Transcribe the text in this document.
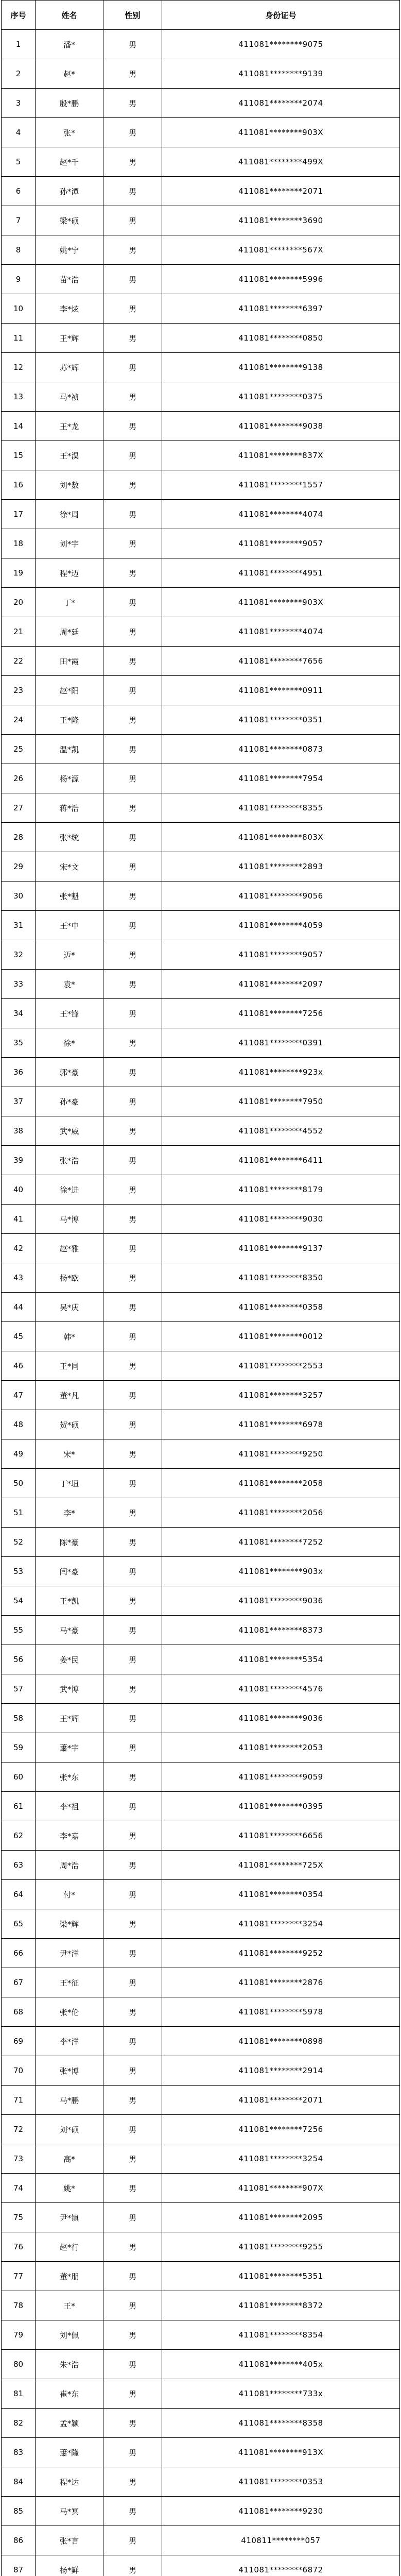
序号	姓名	性别	身份证号
1	潘*	男	411081********9075
2	赵*	男	411081********9139
3	殷*鹏	男	411081********2074
4	张*	男	411081********903X
5	赵*千	男	411081********499X
6	孙*潭	男	411081********2071
7	梁*硕	男	411081********3690
8	姚*宁	男	411081********567X
9	苗*浩	男	411081********5996
10	李*炫	男	411081********6397
11	王*辉	男	411081********0850
12	苏*辉	男	411081********9138
13	马*祯	男	411081********0375
14	王*龙	男	411081********9038
15	王*淏	男	411081********837X
16	刘*数	男	411081********1557
17	徐*周	男	411081********4074
18	刘*宇	男	411081********9057
19	程*迈	男	411081********4951
20	丁*	男	411081********903X
21	周*廷	男	411081********4074
22	田*霞	男	411081********7656
23	赵*阳	男	411081********0911
24	王*隆	男	411081********0351
25	温*凯	男	411081********0873
26	杨*源	男	411081********7954
27	蒋*浩	男	411081********8355
28	张*统	男	411081********803X
29	宋*文	男	411081********2893
30	张*魁	男	411081********9056
31	王*中	男	411081********4059
32	迈*	男	411081********9057
33	袁*	男	411081********2097
34	王*锋	男	411081********7256
35	徐*	男	411081********0391
36	郭*豪	男	411081********923x
37	孙*豪	男	411081********7950
38	武*威	男	411081********4552
39	张*浩	男	411081********6411
40	徐*进	男	411081********8179
41	马*博	男	411081********9030
42	赵*雅	男	411081********9137
43	杨*欧	男	411081********8350
44	吴*庆	男	411081********0358
45	韩*	男	411081********0012
46	王*同	男	411081********2553
47	董*凡	男	411081********3257
48	贺*硕	男	411081********6978
49	宋*	男	411081********9250
50	丁*垣	男	411081********2058
51	李*	男	411081********2056
52	陈*豪	男	411081********7252
53	闫*豪	男	411081********903x
54	王*凯	男	411081********9036
55	马*豪	男	411081********8373
56	姜*民	男	411081********5354
57	武*博	男	411081********4576
58	王*辉	男	411081********9036
59	蕭*宇	男	411081********2053
60	张*东	男	411081********9059
61	李*祖	男	411081********0395
62	李*嘉	男	411081********6656
63	周*浩	男	411081********725X
64	付*	男	411081********0354
65	梁*辉	男	411081********3254
66	尹*洋	男	411081********9252
67	王*征	男	411081********2876
68	张*伦	男	411081********5978
69	李*洋	男	411081********0898
70	张*博	男	411081********2914
71	马*鹏	男	411081********2071
72	刘*硕	男	411081********7256
73	高*	男	411081********3254
74	姚*	男	411081********907X
75	尹*镇	男	411081********2095
76	赵*行	男	411081********9255
77	董*朋	男	411081********5351
78	王*	男	411081********8372
79	刘*佩	男	411081********8354
80	朱*浩	男	411081********405x
81	崔*东	男	411081********733x
82	孟*颖	男	411081********8358
83	蕭*隆	男	411081********913X
84	程*达	男	411081********0353
85	马*冥	男	411081********9230
86	张*言	男	410811********057
87	杨*鲜	男	411081********6872
